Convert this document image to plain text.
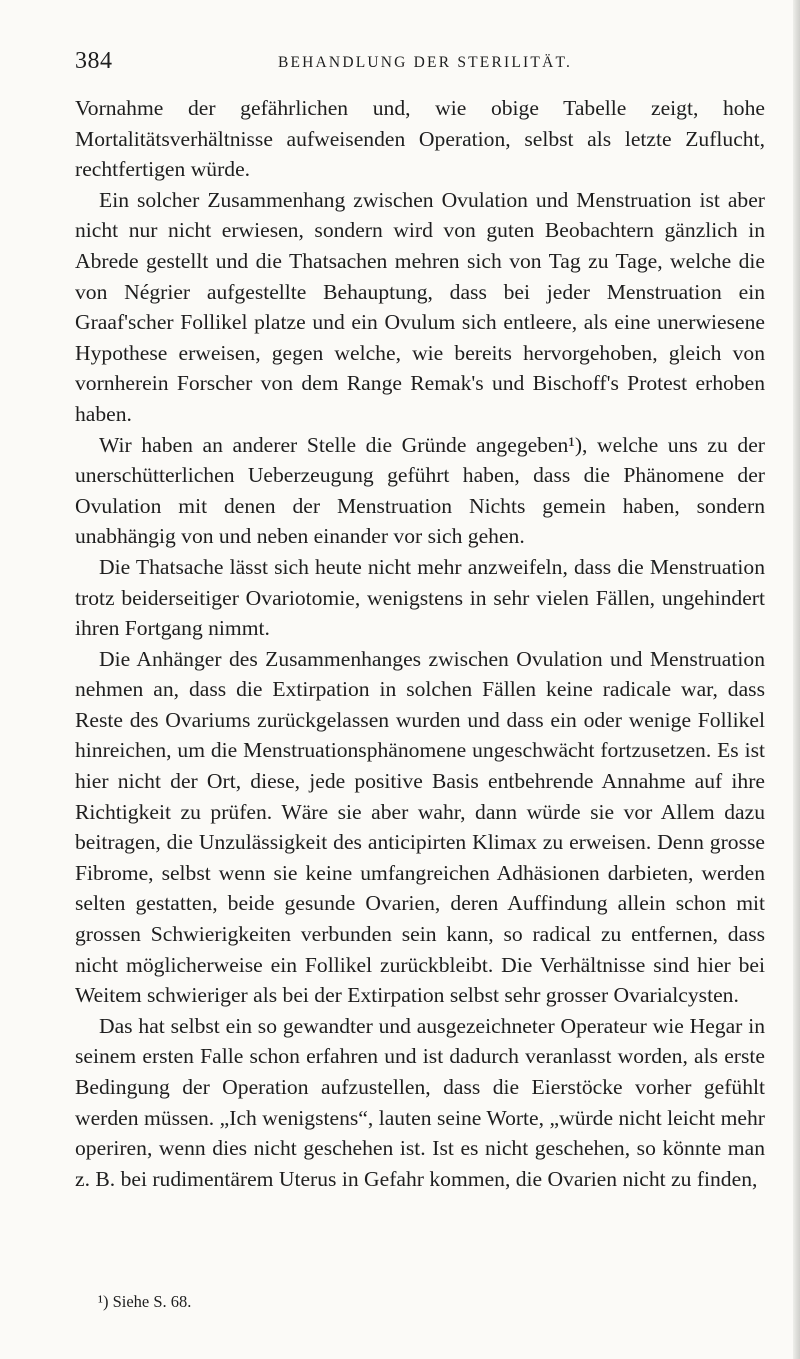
384	BEHANDLUNG DER STERILITÄT.

Vornahme der gefährlichen und, wie obige Tabelle zeigt, hohe Mortalitätsverhältnisse aufweisenden Operation, selbst als letzte Zuflucht, rechtfertigen würde.

Ein solcher Zusammenhang zwischen Ovulation und Menstruation ist aber nicht nur nicht erwiesen, sondern wird von guten Beobachtern gänzlich in Abrede gestellt und die Thatsachen mehren sich von Tag zu Tage, welche die von Négrier aufgestellte Behauptung, dass bei jeder Menstruation ein Graaf'scher Follikel platze und ein Ovulum sich entleere, als eine unerwiesene Hypothese erweisen, gegen welche, wie bereits hervorgehoben, gleich von vornherein Forscher von dem Range Remak's und Bischoff's Protest erhoben haben.

Wir haben an anderer Stelle die Gründe angegeben¹), welche uns zu der unerschütterlichen Ueberzeugung geführt haben, dass die Phänomene der Ovulation mit denen der Menstruation Nichts gemein haben, sondern unabhängig von und neben einander vor sich gehen.

Die Thatsache lässt sich heute nicht mehr anzweifeln, dass die Menstruation trotz beiderseitiger Ovariotomie, wenigstens in sehr vielen Fällen, ungehindert ihren Fortgang nimmt.

Die Anhänger des Zusammenhanges zwischen Ovulation und Menstruation nehmen an, dass die Extirpation in solchen Fällen keine radicale war, dass Reste des Ovariums zurückgelassen wurden und dass ein oder wenige Follikel hinreichen, um die Menstruationsphänomene ungeschwächt fortzusetzen. Es ist hier nicht der Ort, diese, jede positive Basis entbehrende Annahme auf ihre Richtigkeit zu prüfen. Wäre sie aber wahr, dann würde sie vor Allem dazu beitragen, die Unzulässigkeit des anticipirten Klimax zu erweisen. Denn grosse Fibrome, selbst wenn sie keine umfangreichen Adhäsionen darbieten, werden selten gestatten, beide gesunde Ovarien, deren Auffindung allein schon mit grossen Schwierigkeiten verbunden sein kann, so radical zu entfernen, dass nicht möglicherweise ein Follikel zurückbleibt. Die Verhältnisse sind hier bei Weitem schwieriger als bei der Extirpation selbst sehr grosser Ovarialcysten.

Das hat selbst ein so gewandter und ausgezeichneter Operateur wie Hegar in seinem ersten Falle schon erfahren und ist dadurch veranlasst worden, als erste Bedingung der Operation aufzustellen, dass die Eierstöcke vorher gefühlt werden müssen. „Ich wenigstens“, lauten seine Worte, „würde nicht leicht mehr operiren, wenn dies nicht geschehen ist. Ist es nicht geschehen, so könnte man z. B. bei rudimentärem Uterus in Gefahr kommen, die Ovarien nicht zu finden,

¹) Siehe S. 68.
